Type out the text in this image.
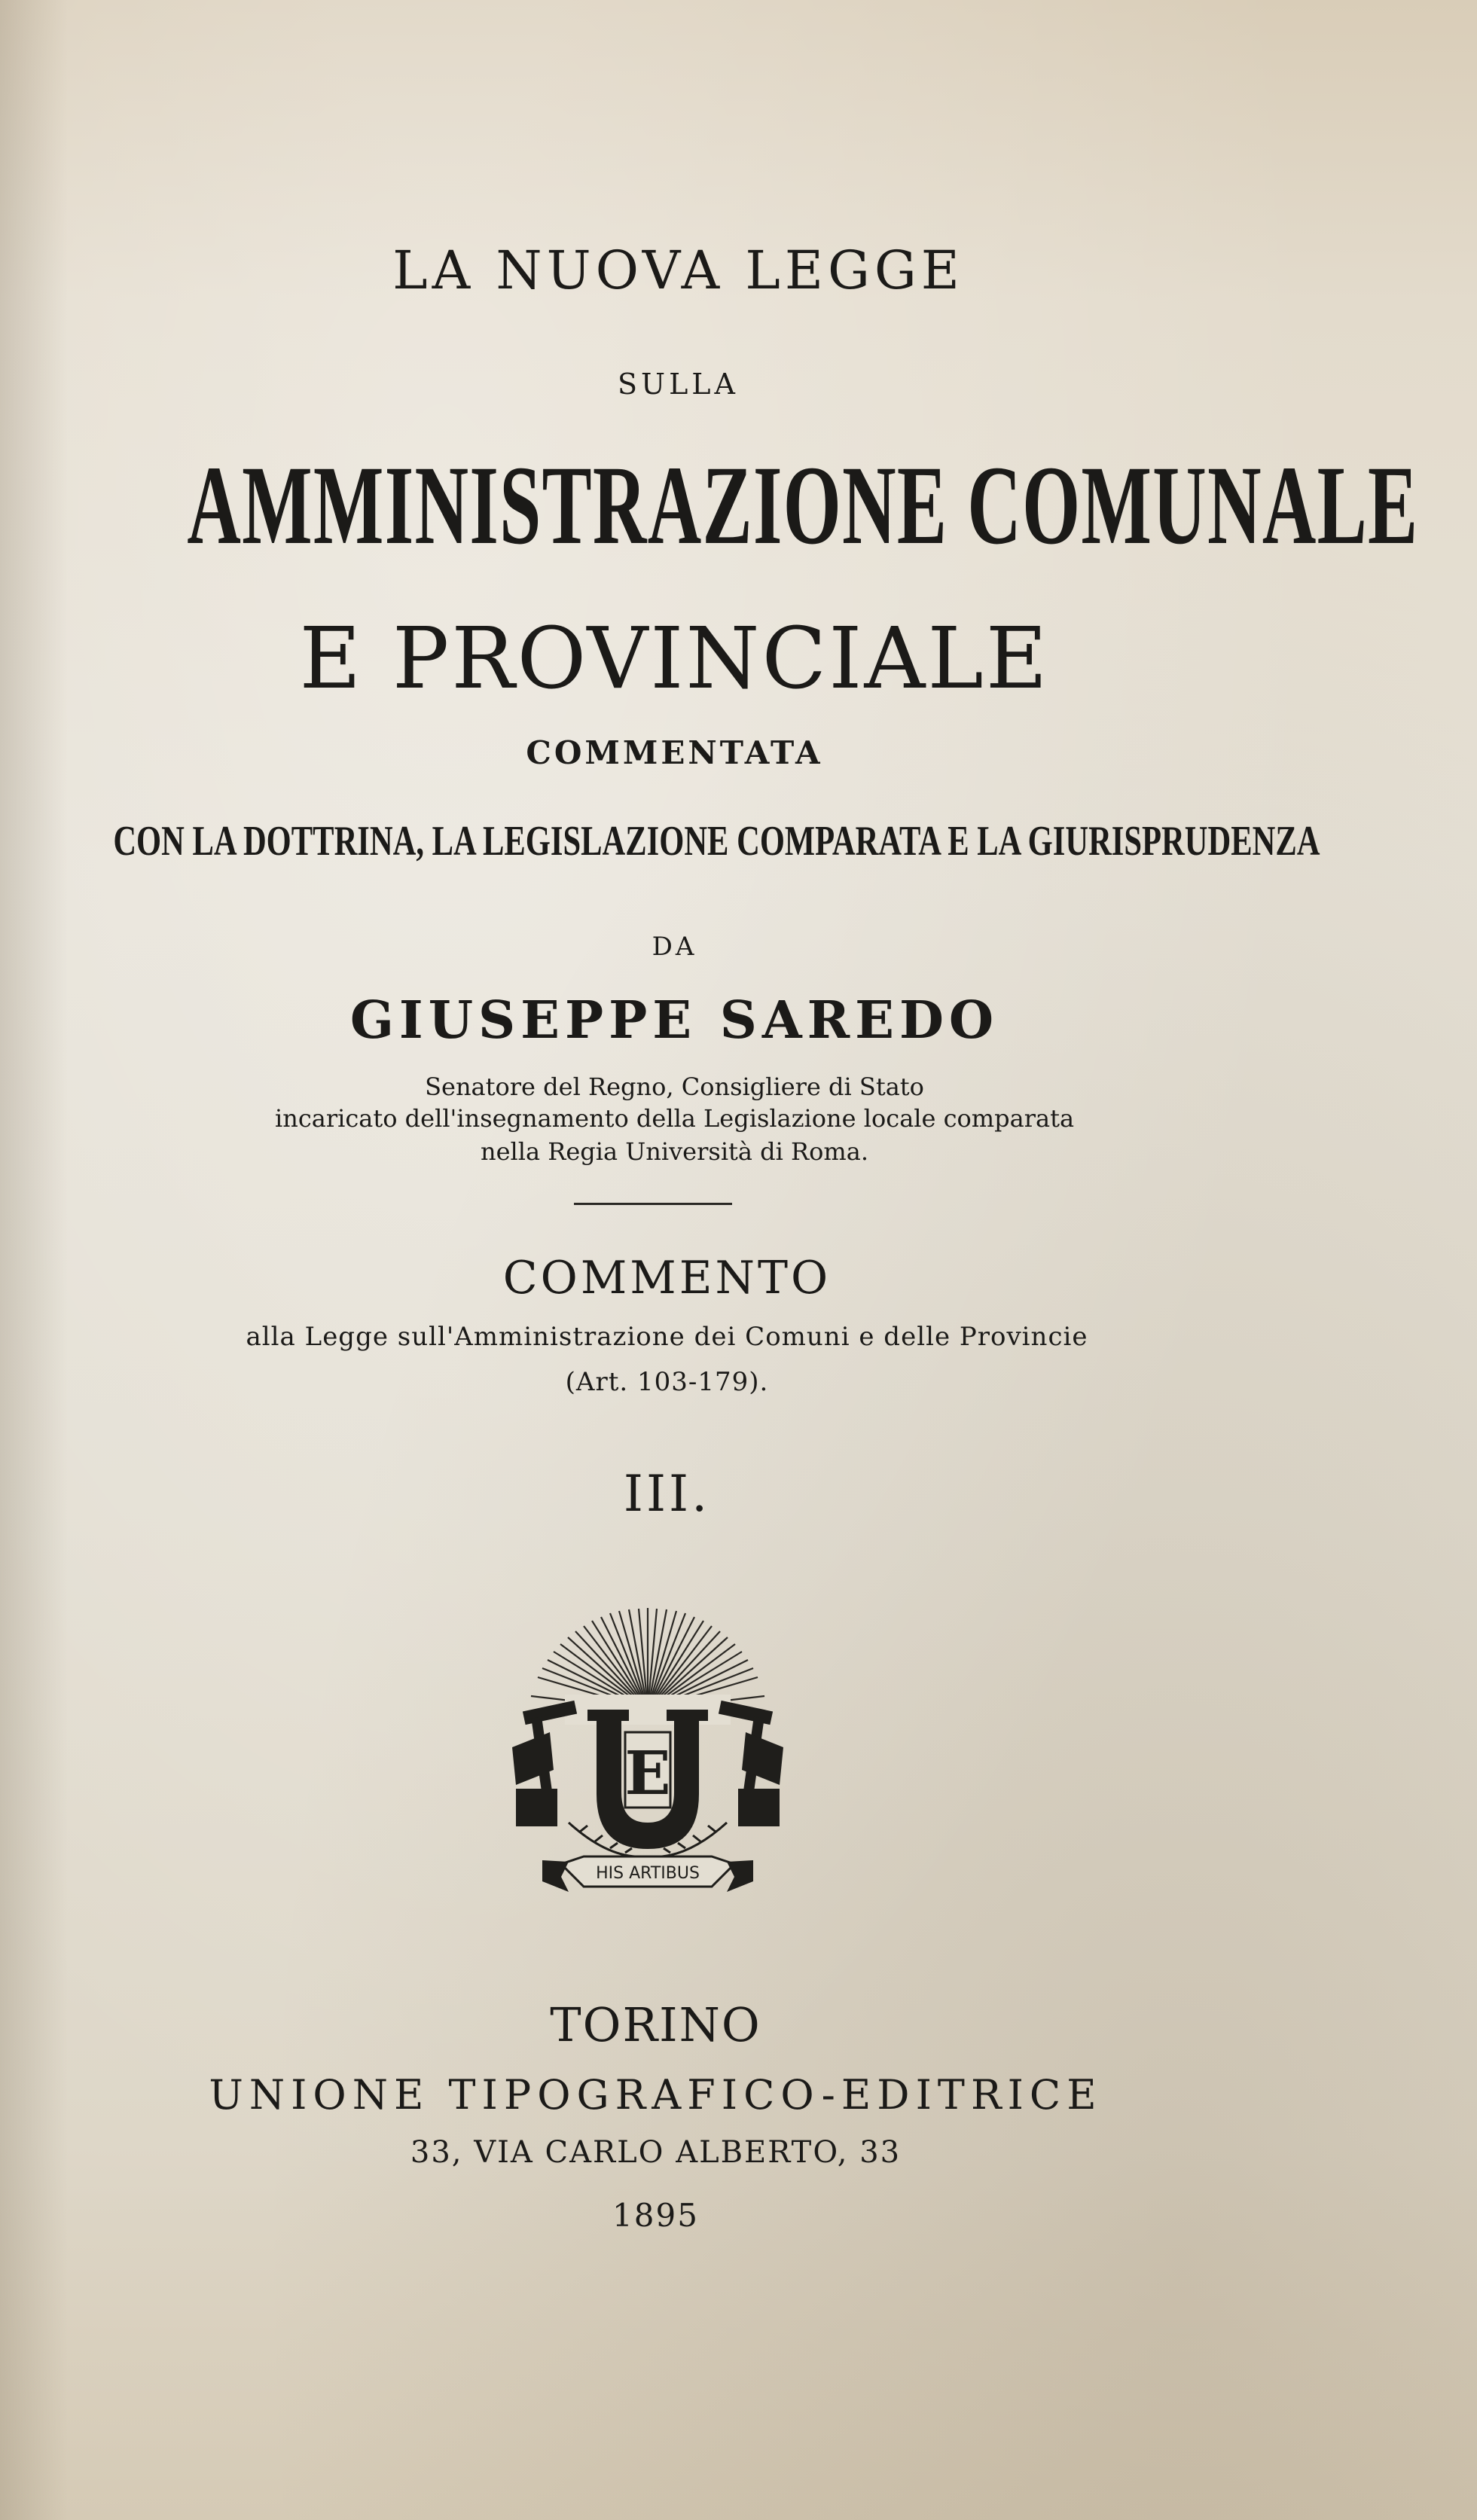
LA NUOVA LEGGE
SULLA
AMMINISTRAZIONE COMUNALE
E PROVINCIALE
COMMENTATA
CON LA DOTTRINA, LA LEGISLAZIONE COMPARATA E LA GIURISPRUDENZA
DA
GIUSEPPE SAREDO
Senatore del Regno, Consigliere di Stato
incaricato dell'insegnamento della Legislazione locale comparata
nella Regia Università di Roma.
COMMENTO
alla Legge sull'Amministrazione dei Comuni e delle Provincie
(Art. 103-179).
III.
E
HIS ARTIBUS
TORINO
UNIONE TIPOGRAFICO-EDITRICE
33, VIA CARLO ALBERTO, 33
1895
